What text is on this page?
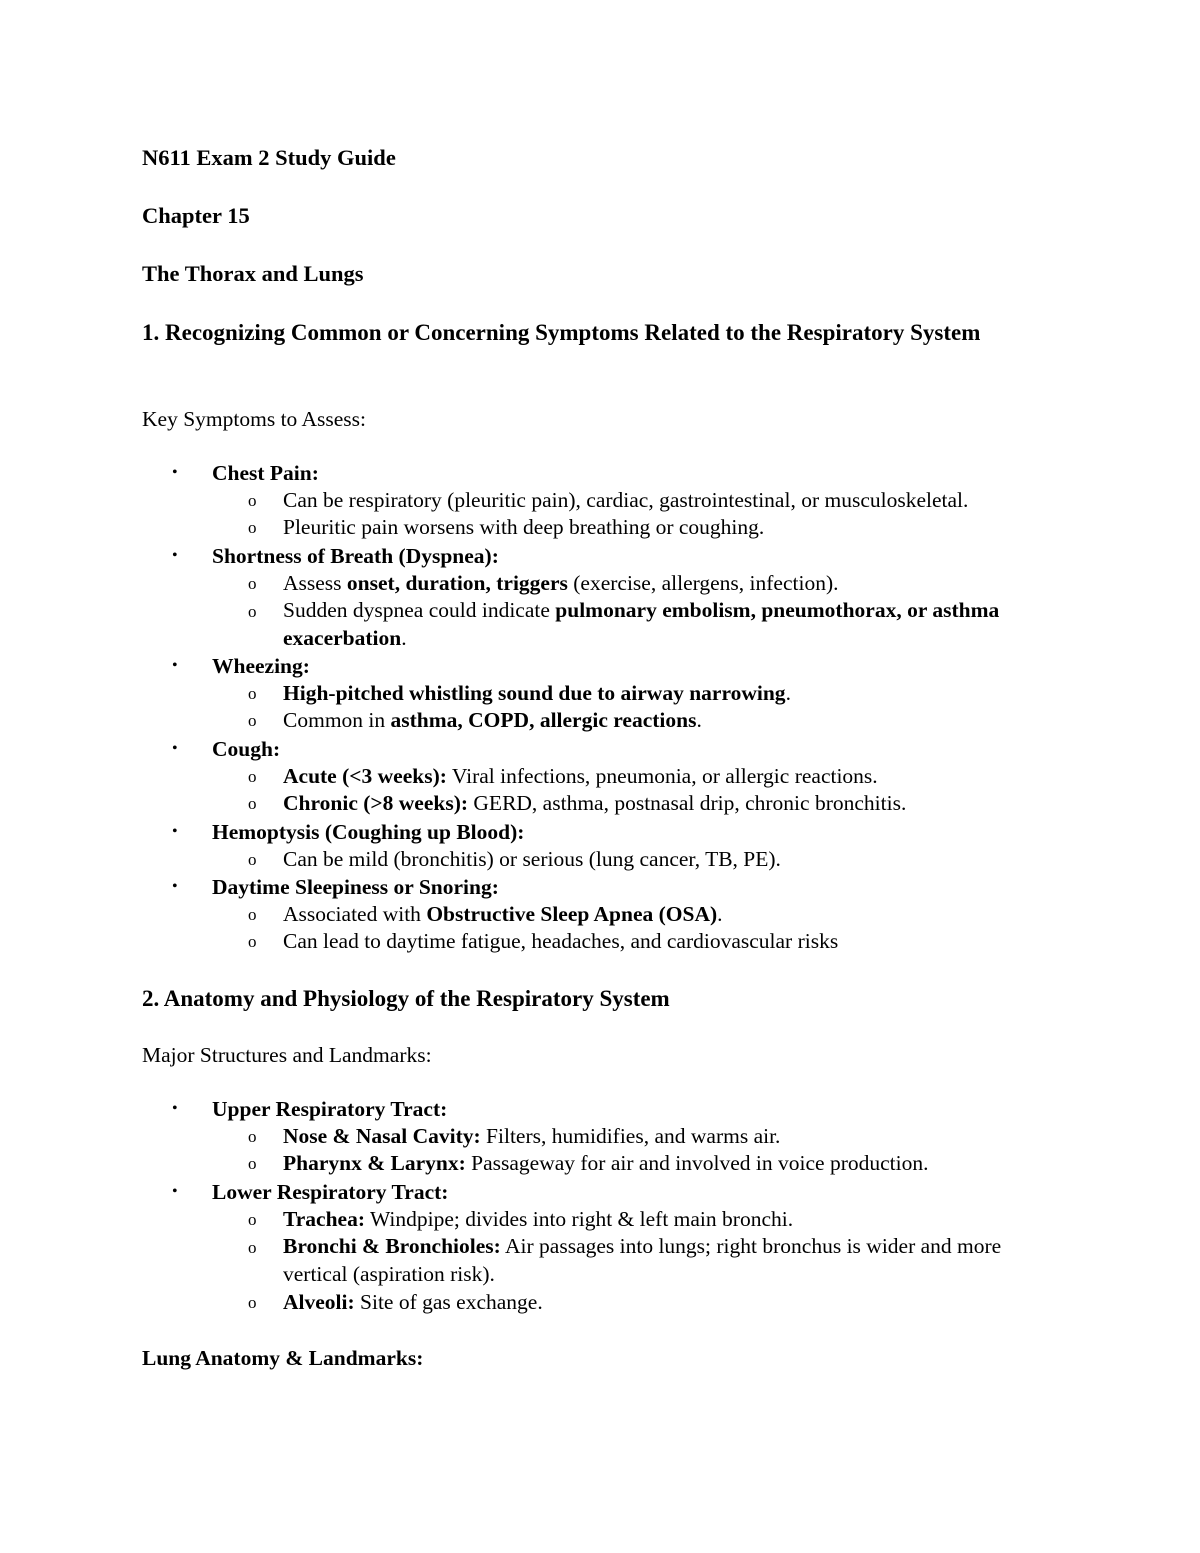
N611 Exam 2 Study Guide
Chapter 15
The Thorax and Lungs
1. Recognizing Common or Concerning Symptoms Related to the Respiratory System
Key Symptoms to Assess:
• Chest Pain:
o Can be respiratory (pleuritic pain), cardiac, gastrointestinal, or musculoskeletal.
o Pleuritic pain worsens with deep breathing or coughing.
• Shortness of Breath (Dyspnea):
o Assess onset, duration, triggers (exercise, allergens, infection).
o Sudden dyspnea could indicate pulmonary embolism, pneumothorax, or asthma exacerbation.
• Wheezing:
o High-pitched whistling sound due to airway narrowing.
o Common in asthma, COPD, allergic reactions.
• Cough:
o Acute (<3 weeks): Viral infections, pneumonia, or allergic reactions.
o Chronic (>8 weeks): GERD, asthma, postnasal drip, chronic bronchitis.
• Hemoptysis (Coughing up Blood):
o Can be mild (bronchitis) or serious (lung cancer, TB, PE).
• Daytime Sleepiness or Snoring:
o Associated with Obstructive Sleep Apnea (OSA).
o Can lead to daytime fatigue, headaches, and cardiovascular risks
2. Anatomy and Physiology of the Respiratory System
Major Structures and Landmarks:
• Upper Respiratory Tract:
o Nose & Nasal Cavity: Filters, humidifies, and warms air.
o Pharynx & Larynx: Passageway for air and involved in voice production.
• Lower Respiratory Tract:
o Trachea: Windpipe; divides into right & left main bronchi.
o Bronchi & Bronchioles: Air passages into lungs; right bronchus is wider and more vertical (aspiration risk).
o Alveoli: Site of gas exchange.
Lung Anatomy & Landmarks:
